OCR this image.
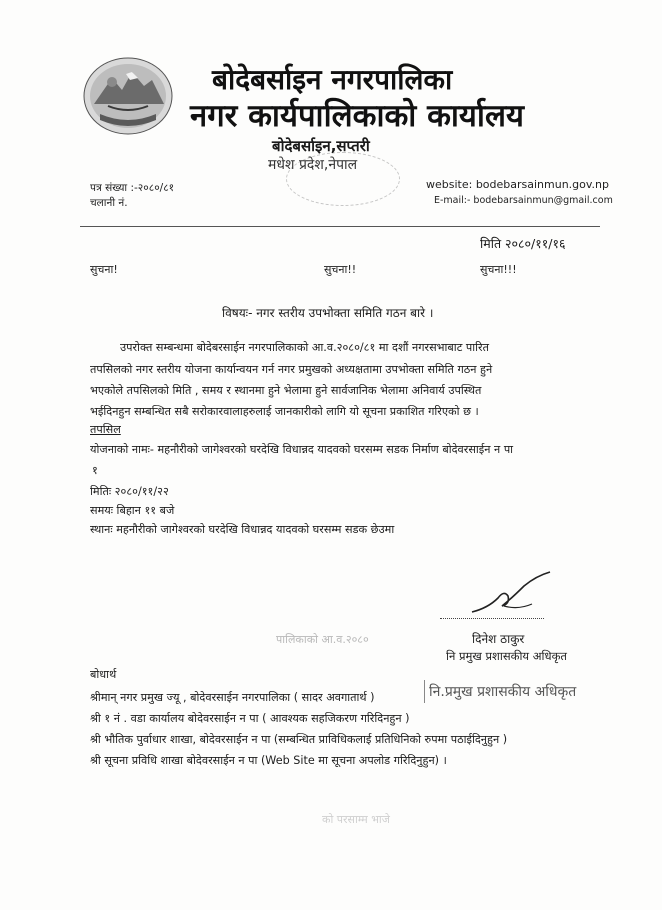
बोदेबर्साइन नगरपालिका
नगर कार्यपालिकाको कार्यालय
बोदेबर्साइन,सप्तरी
मधेश प्रदेश,नेपाल
पत्र संख्या :-२०८०/८१
चलानी नं.
website: bodebarsainmun.gov.np
E-mail:- bodebarsainmun@gmail.com
मिति २०८०/११/१६
सुचना!	सुचना!!	सुचना!!!
विषयः- नगर स्तरीय उपभोक्ता समिति गठन बारे ।
उपरोक्त सम्बन्धमा बोदेबरसाईन नगरपालिकाको आ.व.२०८०/८१ मा दशौं नगरसभाबाट पारित
तपसिलको नगर स्तरीय योजना कार्यान्वयन गर्न नगर प्रमुखको अध्यक्षतामा उपभोक्ता समिति गठन हुने
भएकोले तपसिलको मिति , समय र स्थानमा हुने भेलामा हुने सार्वजानिक भेलामा अनिवार्य उपस्थित
भईदिनहुन सम्बन्धित सबै सरोकारवालाहरुलाई जानकारीको लागि यो सूचना प्रकाशित गरिएको छ ।
तपसिल
योजनाको नामः- महनौरीको जागेश्वरको घरदेखि विधान्नद यादवको घरसम्म सडक निर्माण बोदेवरसाईन न पा
१
मितिः २०८०/११/२२
समयः बिहान ११ बजे
स्थानः महनौरीको जागेश्वरको घरदेखि विधान्नद यादवको घरसम्म सडक छेउमा
पालिकाको आ.व.२०८०	दिनेश ठाकुर
नि प्रमुख प्रशासकीय अधिकृत
बोधार्थ
नि.प्रमुख प्रशासकीय अधिकृत
श्रीमान् नगर प्रमुख ज्यू , बोदेवरसाईन नगरपालिका ( सादर अवगातार्थ )
श्री १ नं . वडा कार्यालय बोदेवरसाईन न पा ( आवश्यक सहजिकरण गरिदिनहुन )
श्री भौतिक पुर्वाधार शाखा, बोदेवरसाईन न पा (सम्बन्धित प्राविधिकलाई प्रतिधिनिको रुपमा पठाईदिनुहुन )
श्री सूचना प्रविधि शाखा बोदेवरसाईन न पा (Web Site मा सूचना अपलोड गरिदिनुहुन) ।
को परसाम्म भाजे
